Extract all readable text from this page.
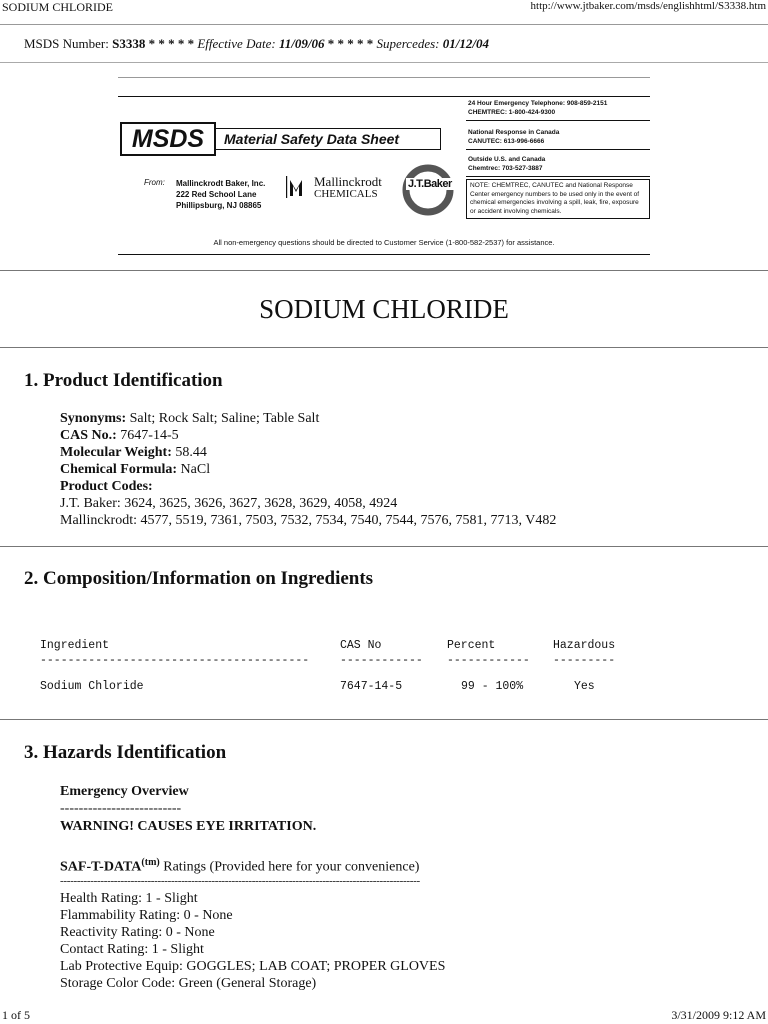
SODIUM CHLORIDE	http://www.jtbaker.com/msds/englishhtml/S3338.htm
MSDS Number: S3338 * * * * * Effective Date: 11/09/06 * * * * * Supercedes: 01/12/04
MSDS	Material Safety Data Sheet
From: Mallinckrodt Baker, Inc.
222 Red School Lane
Phillipsburg, NJ 08865
Mallinckrodt
CHEMICALS
J.T.Baker
24 Hour Emergency Telephone: 908-859-2151
CHEMTREC: 1-800-424-9300
National Response in Canada
CANUTEC: 613-996-6666
Outside U.S. and Canada
Chemtrec: 703-527-3887
NOTE: CHEMTREC, CANUTEC and National Response Center emergency numbers to be used only in the event of chemical emergencies involving a spill, leak, fire, exposure or accident involving chemicals.
All non-emergency questions should be directed to Customer Service (1-800-582-2537) for assistance.
SODIUM CHLORIDE
1. Product Identification
Synonyms: Salt; Rock Salt; Saline; Table Salt
CAS No.: 7647-14-5
Molecular Weight: 58.44
Chemical Formula: NaCl
Product Codes:
J.T. Baker: 3624, 3625, 3626, 3627, 3628, 3629, 4058, 4924
Mallinckrodt: 4577, 5519, 7361, 7503, 7532, 7534, 7540, 7544, 7576, 7581, 7713, V482
2. Composition/Information on Ingredients
Ingredient	CAS No	Percent	Hazardous
---------------------------------------	------------ ------------ ---------
Sodium Chloride	7647-14-5	99 - 100%	Yes
3. Hazards Identification
Emergency Overview
--------------------------
WARNING! CAUSES EYE IRRITATION.
SAF-$T-DATA^{(tm)}$ Ratings (Provided here for your convenience)
-----------------------------------------------------------------------------------------------------------
Health Rating: 1 - Slight
Flammability Rating: 0 - None
Reactivity Rating: 0 - None
Contact Rating: 1 - Slight
Lab Protective Equip: GOGGLES; LAB COAT; PROPER GLOVES
Storage Color Code: Green (General Storage)
1 of 5	3/31/2009 9:12 AM
